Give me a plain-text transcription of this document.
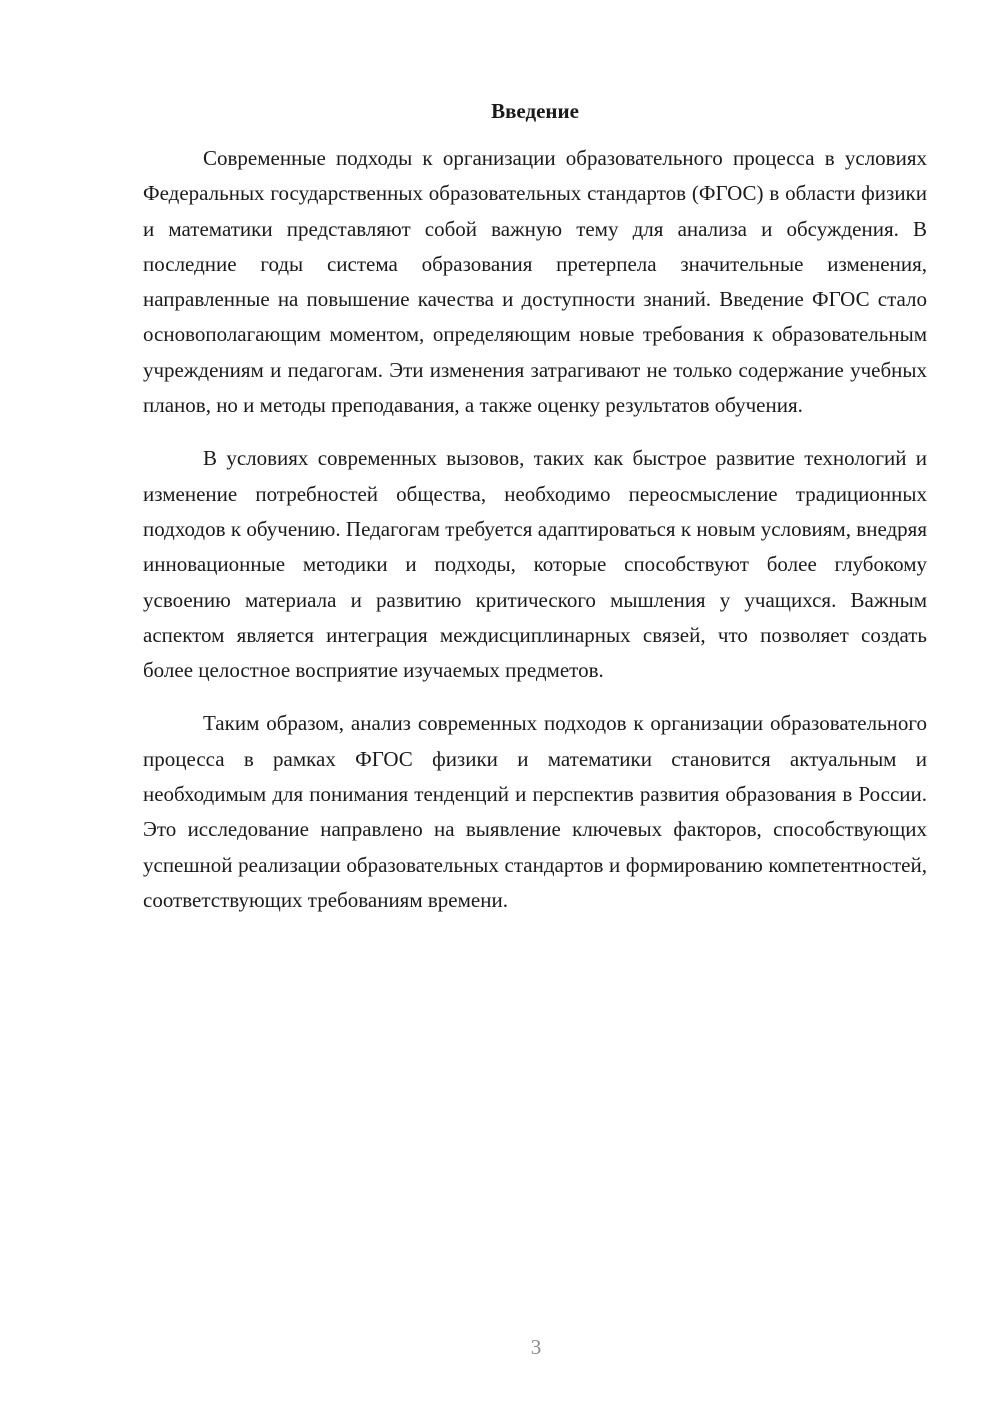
Введение

Современные подходы к организации образовательного процесса в условиях Федеральных государственных образовательных стандартов (ФГОС) в области физики и математики представляют собой важную тему для анализа и обсуждения. В последние годы система образования претерпела значительные изменения, направленные на повышение качества и доступности знаний. Введение ФГОС стало основополагающим моментом, определяющим новые требования к образовательным учреждениям и педагогам. Эти изменения затрагивают не только содержание учебных планов, но и методы преподавания, а также оценку результатов обучения.

В условиях современных вызовов, таких как быстрое развитие технологий и изменение потребностей общества, необходимо переосмысление традиционных подходов к обучению. Педагогам требуется адаптироваться к новым условиям, внедряя инновационные методики и подходы, которые способствуют более глубокому усвоению материала и развитию критического мышления у учащихся. Важным аспектом является интеграция междисциплинарных связей, что позволяет создать более целостное восприятие изучаемых предметов.

Таким образом, анализ современных подходов к организации образовательного процесса в рамках ФГОС физики и математики становится актуальным и необходимым для понимания тенденций и перспектив развития образования в России. Это исследование направлено на выявление ключевых факторов, способствующих успешной реализации образовательных стандартов и формированию компетентностей, соответствующих требованиям времени.

3
